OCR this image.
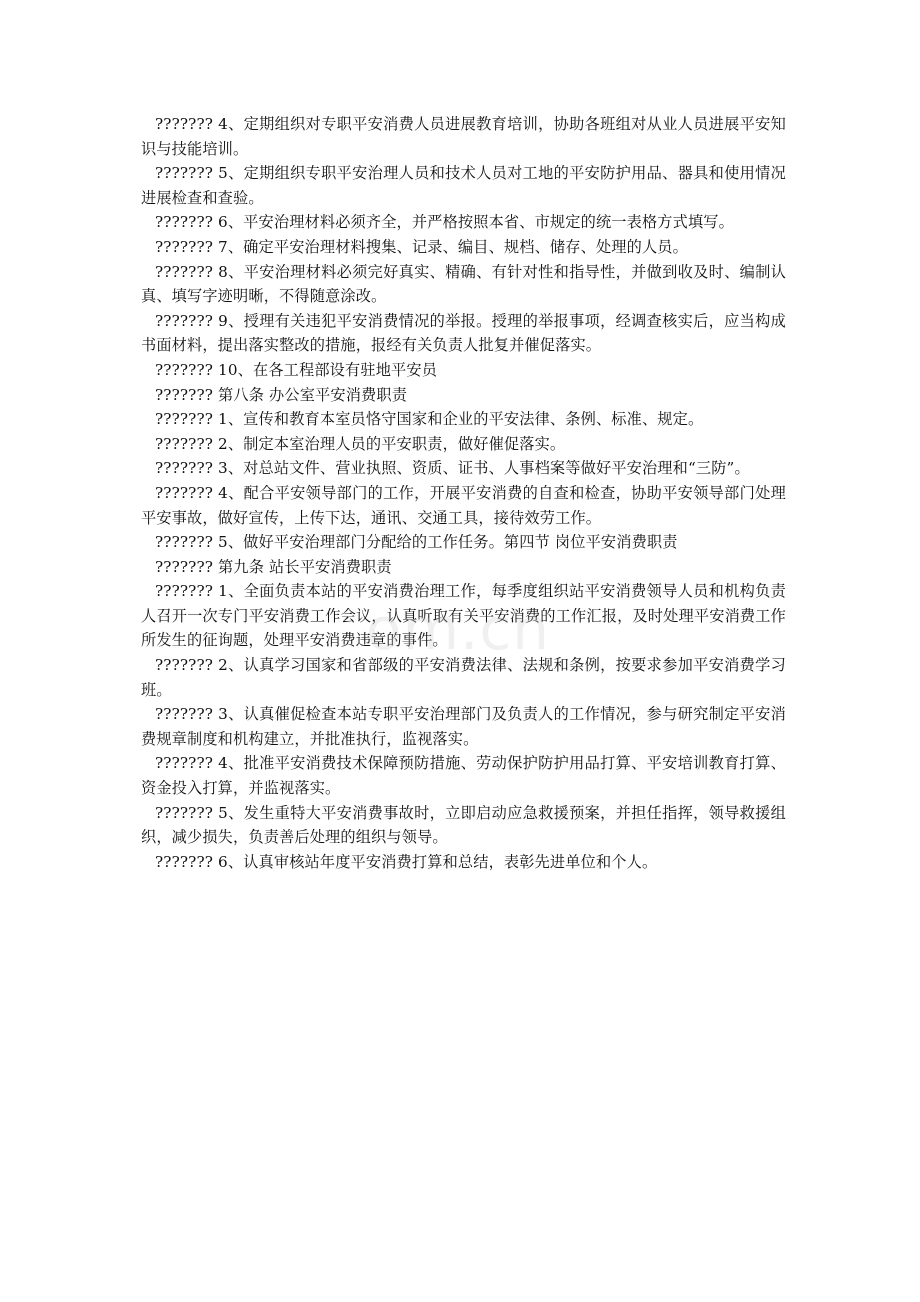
??????? 4、定期组织对专职平安消费人员进展教育培训，协助各班组对从业人员进展平安知识与技能培训。

??????? 5、定期组织专职平安治理人员和技术人员对工地的平安防护用品、器具和使用情况进展检查和查验。

??????? 6、平安治理材料必须齐全，并严格按照本省、市规定的统一表格方式填写。

??????? 7、确定平安治理材料搜集、记录、编目、规档、储存、处理的人员。

??????? 8、平安治理材料必须完好真实、精确、有针对性和指导性，并做到收及时、编制认真、填写字迹明晰，不得随意涂改。

??????? 9、授理有关违犯平安消费情况的举报。授理的举报事项，经调查核实后，应当构成书面材料，提出落实整改的措施，报经有关负责人批复并催促落实。

??????? 10、在各工程部设有驻地平安员

??????? 第八条 办公室平安消费职责

??????? 1、宣传和教育本室员恪守国家和企业的平安法律、条例、标准、规定。

??????? 2、制定本室治理人员的平安职责，做好催促落实。

??????? 3、对总站文件、营业执照、资质、证书、人事档案等做好平安治理和“三防”。

??????? 4、配合平安领导部门的工作，开展平安消费的自查和检查，协助平安领导部门处理平安事故，做好宣传，上传下达，通讯、交通工具，接待效劳工作。

??????? 5、做好平安治理部门分配给的工作任务。第四节 岗位平安消费职责

??????? 第九条 站长平安消费职责

??????? 1、全面负责本站的平安消费治理工作，每季度组织站平安消费领导人员和机构负责人召开一次专门平安消费工作会议，认真听取有关平安消费的工作汇报，及时处理平安消费工作所发生的征询题，处理平安消费违章的事件。

??????? 2、认真学习国家和省部级的平安消费法律、法规和条例，按要求参加平安消费学习班。

??????? 3、认真催促检查本站专职平安治理部门及负责人的工作情况，参与研究制定平安消费规章制度和机构建立，并批准执行，监视落实。

??????? 4、批准平安消费技术保障预防措施、劳动保护防护用品打算、平安培训教育打算、资金投入打算，并监视落实。

??????? 5、发生重特大平安消费事故时，立即启动应急救援预案，并担任指挥，领导救援组织，减少损失，负责善后处理的组织与领导。

??????? 6、认真审核站年度平安消费打算和总结，表彰先进单位和个人。

om.cn
